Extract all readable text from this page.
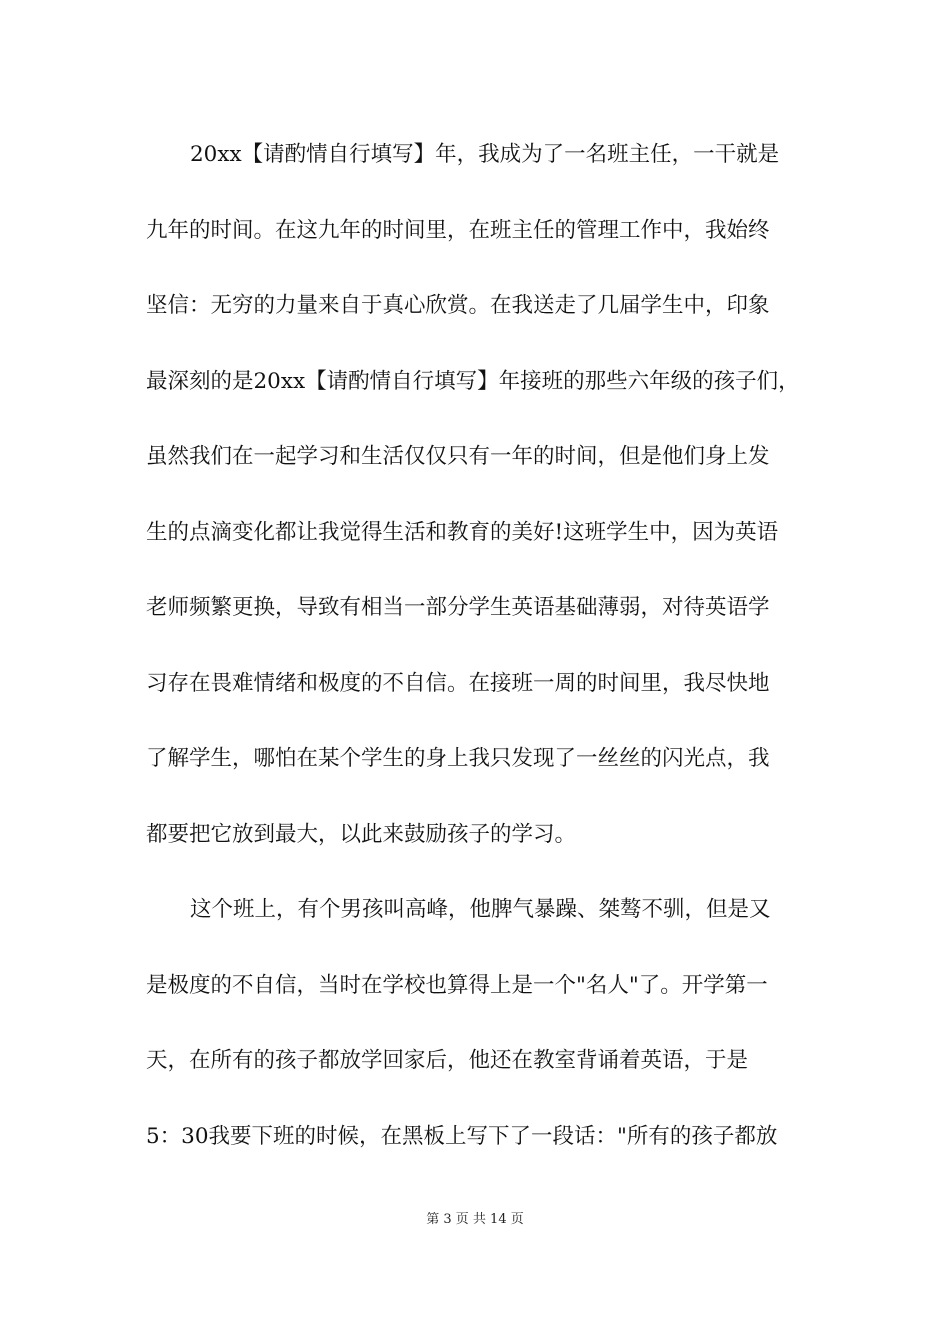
20xx【请酌情自行填写】年，我成为了一名班主任，一干就是
九年的时间。在这九年的时间里，在班主任的管理工作中，我始终
坚信：无穷的力量来自于真心欣赏。在我送走了几届学生中，印象
最深刻的是20xx【请酌情自行填写】年接班的那些六年级的孩子们，
虽然我们在一起学习和生活仅仅只有一年的时间，但是他们身上发
生的点滴变化都让我觉得生活和教育的美好!这班学生中，因为英语
老师频繁更换，导致有相当一部分学生英语基础薄弱，对待英语学
习存在畏难情绪和极度的不自信。在接班一周的时间里，我尽快地
了解学生，哪怕在某个学生的身上我只发现了一丝丝的闪光点，我
都要把它放到最大，以此来鼓励孩子的学习。
这个班上，有个男孩叫高峰，他脾气暴躁、桀骜不驯，但是又
是极度的不自信，当时在学校也算得上是一个"名人"了。开学第一
天，在所有的孩子都放学回家后，他还在教室背诵着英语，于是
5：30我要下班的时候，在黑板上写下了一段话："所有的孩子都放
第 3 页 共 14 页
